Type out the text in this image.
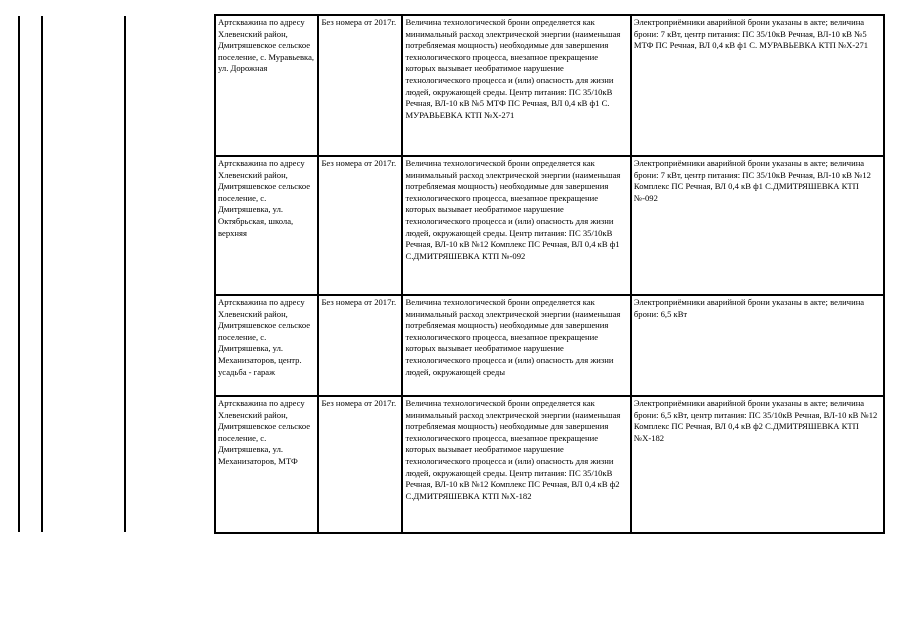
Артскважина по адресу Хлевенский район, Дмитряшевское сельское поселение, с. Муравьевка, ул. Дорожная	Без номера от 2017г.	Величина технологической брони определяется как минимальный расход электрической энергии (наименьшая потребляемая мощность) необходимые для завершения технологического процесса, внезапное прекращение которых вызывает необратимое нарушение технологического процесса и (или) опасность для жизни людей, окружающей среды. Центр питания: ПС 35/10кВ Речная, ВЛ-10 кВ №5 МТФ ПС Речная, ВЛ 0,4 кВ ф1 С. МУРАВЬЕВКА КТП №Х-271	Электроприёмники аварийной брони указаны в акте; величина брони: 7 кВт, центр питания: ПС 35/10кВ Речная, ВЛ-10 кВ №5 МТФ ПС Речная, ВЛ 0,4 кВ ф1 С. МУРАВЬЕВКА КТП №Х-271
Артскважина по адресу Хлевенский район, Дмитряшевское сельское поселение, с. Дмитряшевка, ул. Октябрьская, школа, верхняя	Без номера от 2017г.	Величина технологической брони определяется как минимальный расход электрической энергии (наименьшая потребляемая мощность) необходимые для завершения технологического процесса, внезапное прекращение которых вызывает необратимое нарушение технологического процесса и (или) опасность для жизни людей, окружающей среды. Центр питания: ПС 35/10кВ Речная, ВЛ-10 кВ №12 Комплекс ПС Речная, ВЛ 0,4 кВ ф1 С.ДМИТРЯШЕВКА КТП №-092	Электроприёмники аварийной брони указаны в акте; величина брони: 7 кВт, центр питания: ПС 35/10кВ Речная, ВЛ-10 кВ №12 Комплекс ПС Речная, ВЛ 0,4 кВ ф1 С.ДМИТРЯШЕВКА КТП №-092
Артскважина по адресу Хлевенский район, Дмитряшевское сельское поселение, с. Дмитряшевка, ул. Механизаторов, центр. усадьба - гараж	Без номера от 2017г.	Величина технологической брони определяется как минимальный расход электрической энергии (наименьшая потребляемая мощность) необходимые для завершения технологического процесса, внезапное прекращение которых вызывает необратимое нарушение технологического процесса и (или) опасность для жизни людей, окружающей среды	Электроприёмники аварийной брони указаны в акте; величина брони: 6,5 кВт
Артскважина по адресу Хлевенский район, Дмитряшевское сельское поселение, с. Дмитряшевка, ул. Механизаторов, МТФ	Без номера от 2017г.	Величина технологической брони определяется как минимальный расход электрической энергии (наименьшая потребляемая мощность) необходимые для завершения технологического процесса, внезапное прекращение которых вызывает необратимое нарушение технологического процесса и (или) опасность для жизни людей, окружающей среды. Центр питания: ПС 35/10кВ Речная, ВЛ-10 кВ №12 Комплекс ПС Речная, ВЛ 0,4 кВ ф2 С.ДМИТРЯШЕВКА КТП №Х-182	Электроприёмники аварийной брони указаны в акте; величина брони: 6,5 кВт, центр питания: ПС 35/10кВ Речная, ВЛ-10 кВ №12 Комплекс ПС Речная, ВЛ 0,4 кВ ф2 С.ДМИТРЯШЕВКА КТП №Х-182
